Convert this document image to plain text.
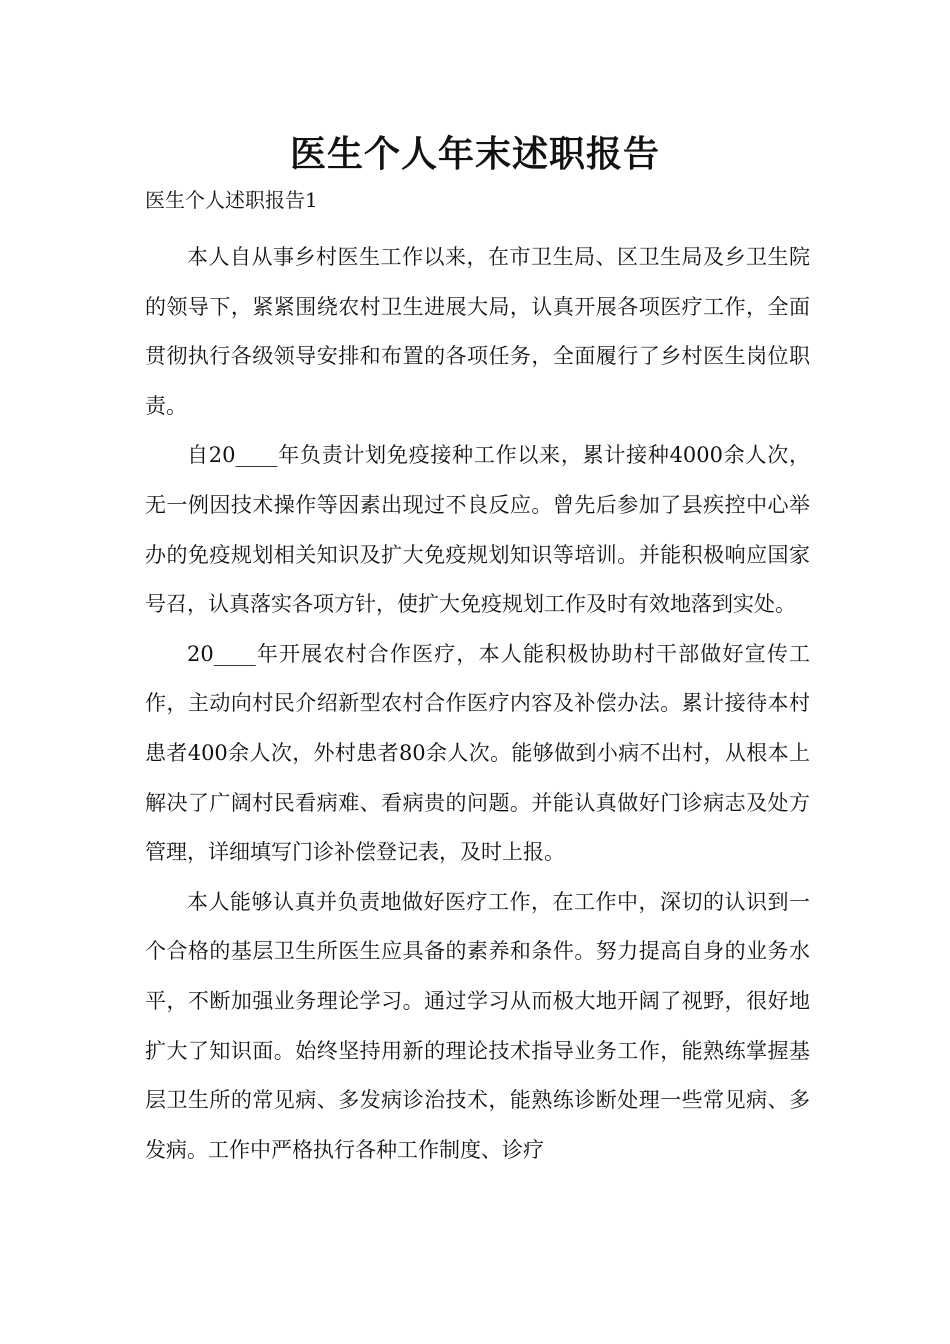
医生个人年末述职报告

医生个人述职报告1

本人自从事乡村医生工作以来，在市卫生局、区卫生局及乡卫生院的领导下，紧紧围绕农村卫生进展大局，认真开展各项医疗工作，全面贯彻执行各级领导安排和布置的各项任务，全面履行了乡村医生岗位职责。

自20____年负责计划免疫接种工作以来，累计接种4000余人次，无一例因技术操作等因素出现过不良反应。曾先后参加了县疾控中心举办的免疫规划相关知识及扩大免疫规划知识等培训。并能积极响应国家号召，认真落实各项方针，使扩大免疫规划工作及时有效地落到实处。

20____年开展农村合作医疗，本人能积极协助村干部做好宣传工作，主动向村民介绍新型农村合作医疗内容及补偿办法。累计接待本村患者400余人次，外村患者80余人次。能够做到小病不出村，从根本上解决了广阔村民看病难、看病贵的问题。并能认真做好门诊病志及处方管理，详细填写门诊补偿登记表，及时上报。

本人能够认真并负责地做好医疗工作，在工作中，深切的认识到一个合格的基层卫生所医生应具备的素养和条件。努力提高自身的业务水平，不断加强业务理论学习。通过学习从而极大地开阔了视野，很好地扩大了知识面。始终坚持用新的理论技术指导业务工作，能熟练掌握基层卫生所的常见病、多发病诊治技术，能熟练诊断处理一些常见病、多发病。工作中严格执行各种工作制度、诊疗
